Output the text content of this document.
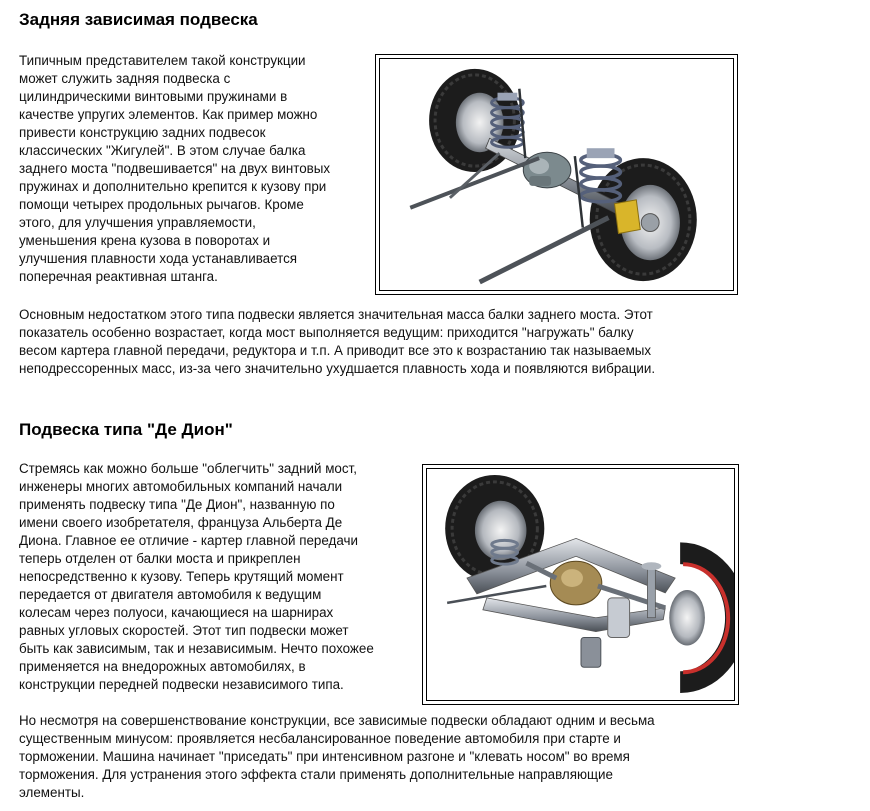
Задняя зависимая подвеска
Типичным представителем такой конструкции
может служить задняя подвеска с
цилиндрическими винтовыми пружинами в
качестве упругих элементов. Как пример можно
привести конструкцию задних подвесок
классических "Жигулей". В этом случае балка
заднего моста "подвешивается" на двух винтовых
пружинах и дополнительно крепится к кузову при
помощи четырех продольных рычагов. Кроме
этого, для улучшения управляемости,
уменьшения крена кузова в поворотах и
улучшения плавности хода устанавливается
поперечная реактивная штанга.
Основным недостатком этого типа подвески является значительная масса балки заднего моста. Этот
показатель особенно возрастает, когда мост выполняется ведущим: приходится "нагружать" балку
весом картера главной передачи, редуктора и т.п. А приводит все это к возрастанию так называемых
неподрессоренных масс, из-за чего значительно ухудшается плавность хода и появляются вибрации.
Подвеска типа "Де Дион"
Стремясь как можно больше "облегчить" задний мост,
инженеры многих автомобильных компаний начали
применять подвеску типа "Де Дион", названную по
имени своего изобретателя, француза Альберта Де
Диона. Главное ее отличие - картер главной передачи
теперь отделен от балки моста и прикреплен
непосредственно к кузову. Теперь крутящий момент
передается от двигателя автомобиля к ведущим
колесам через полуоси, качающиеся на шарнирах
равных угловых скоростей. Этот тип подвески может
быть как зависимым, так и независимым. Нечто похожее
применяется на внедорожных автомобилях, в
конструкции передней подвески независимого типа.
Но несмотря на совершенствование конструкции, все зависимые подвески обладают одним и весьма
существенным минусом: проявляется несбалансированное поведение автомобиля при старте и
торможении. Машина начинает "приседать" при интенсивном разгоне и "клевать носом" во время
торможения. Для устранения этого эффекта стали применять дополнительные направляющие
элементы.
